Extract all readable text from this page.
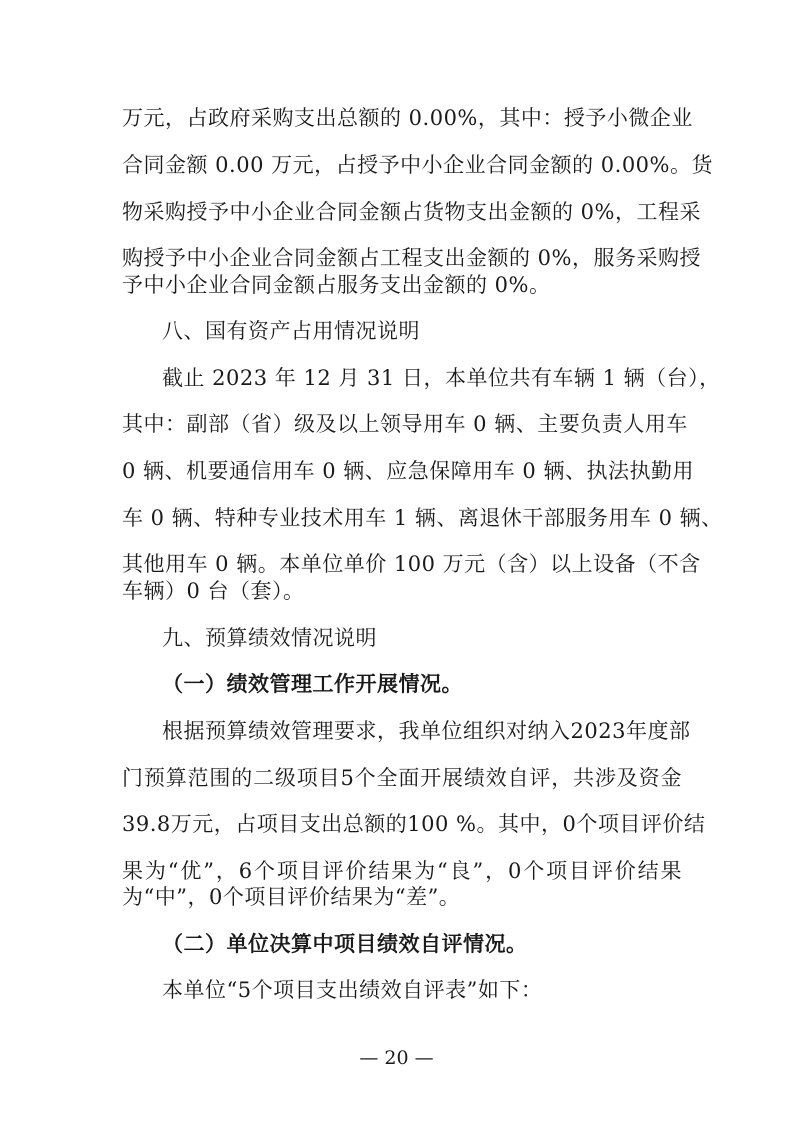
万元，占政府采购支出总额的 0.00%，其中：授予小微企业
合同金额 0.00 万元，占授予中小企业合同金额的 0.00%。货
物采购授予中小企业合同金额占货物支出金额的 0%，工程采
购授予中小企业合同金额占工程支出金额的 0%，服务采购授
予中小企业合同金额占服务支出金额的 0%。
八、国有资产占用情况说明
截止 2023 年 12 月 31 日，本单位共有车辆 1 辆（台），
其中：副部（省）级及以上领导用车 0 辆、主要负责人用车
0 辆、机要通信用车 0 辆、应急保障用车 0 辆、执法执勤用
车 0 辆、特种专业技术用车 1 辆、离退休干部服务用车 0 辆、
其他用车 0 辆。本单位单价 100 万元（含）以上设备（不含
车辆）0 台（套）。
九、预算绩效情况说明
（一）绩效管理工作开展情况。
根据预算绩效管理要求，我单位组织对纳入2023年度部
门预算范围的二级项目5个全面开展绩效自评，共涉及资金
39.8万元，占项目支出总额的100 %。其中，0个项目评价结
果为“优”，6个项目评价结果为“良”，0个项目评价结果
为“中”，0个项目评价结果为“差”。
（二）单位决算中项目绩效自评情况。
本单位“5个项目支出绩效自评表”如下：
— 20 —
